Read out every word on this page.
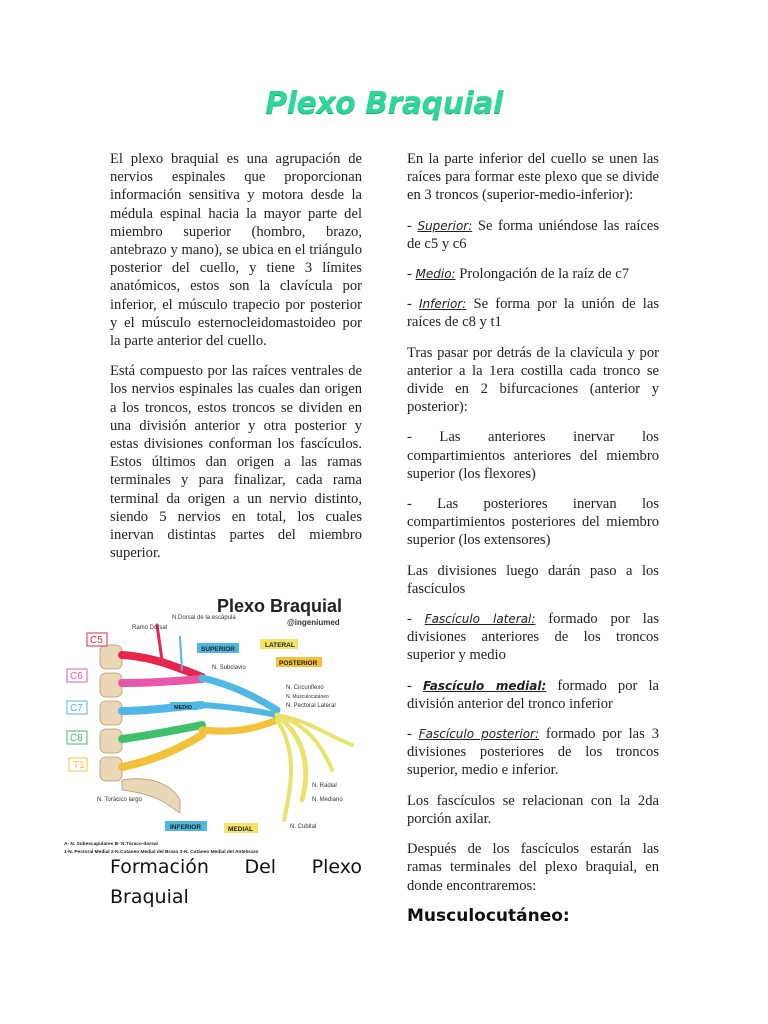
Plexo Braquial

El plexo braquial es una agrupación de nervios espinales que proporcionan información sensitiva y motora desde la médula espinal hacia la mayor parte del miembro superior (hombro, brazo, antebrazo y mano), se ubica en el triángulo posterior del cuello, y tiene 3 límites anatómicos, estos son la clavícula por inferior, el músculo trapecio por posterior y el músculo esternocleidomastoideo por la parte anterior del cuello.

Está compuesto por las raíces ventrales de los nervios espinales las cuales dan origen a los troncos, estos troncos se dividen en una división anterior y otra posterior y estas divisiones conforman los fascículos. Estos últimos dan origen a las ramas terminales y para finalizar, cada rama terminal da origen a un nervio distinto, siendo 5 nervios en total, los cuales inervan distintas partes del miembro superior.

Plexo Braquial
@ingeniumed
C5
C6
C7
C8
T1
SUPERIOR
LATERAL
POSTERIOR
MEDIO
INFERIOR	MEDIAL
Ramo Dorsal
N.Dorsal de la escápula
N. Subclavio
N. Circunflexo
N. Musculocutáneo
N. Pectoral Lateral
N. Radial
N. Mediano
N. Cubital
N. Torácico largo
A- N. Subescapulares B- N.Tóraco-dorsal
1-N. Pectoral Medial 2-N.Cutáneo Medial del Brazo 3-N. Cutáneo Medial del Antebrazo
Formación Del Plexo Braquial

En la parte inferior del cuello se unen las raíces para formar este plexo que se divide en 3 troncos (superior-medio-inferior):

- Superior: Se forma uniéndose las raíces de c5 y c6

- Medio: Prolongación de la raíz de c7

- Inferior: Se forma por la unión de las raíces de c8 y t1

Tras pasar por detrás de la clavícula y por anterior a la 1era costilla cada tronco se divide en 2 bifurcaciones (anterior y posterior):

- Las anteriores inervar los compartimientos anteriores del miembro superior (los flexores)

- Las posteriores inervan los compartimientos posteriores del miembro superior (los extensores)

Las divisiones luego darán paso a los fascículos

- Fascículo lateral: formado por las divisiones anteriores de los troncos superior y medio

- Fascículo medial: formado por la división anterior del tronco inferior

- Fascículo posterior: formado por las 3 divisiones posteriores de los troncos superior, medio e inferior.

Los fascículos se relacionan con la 2da porción axilar.

Después de los fascículos estarán las ramas terminales del plexo braquial, en donde encontraremos:

Musculocutáneo:
